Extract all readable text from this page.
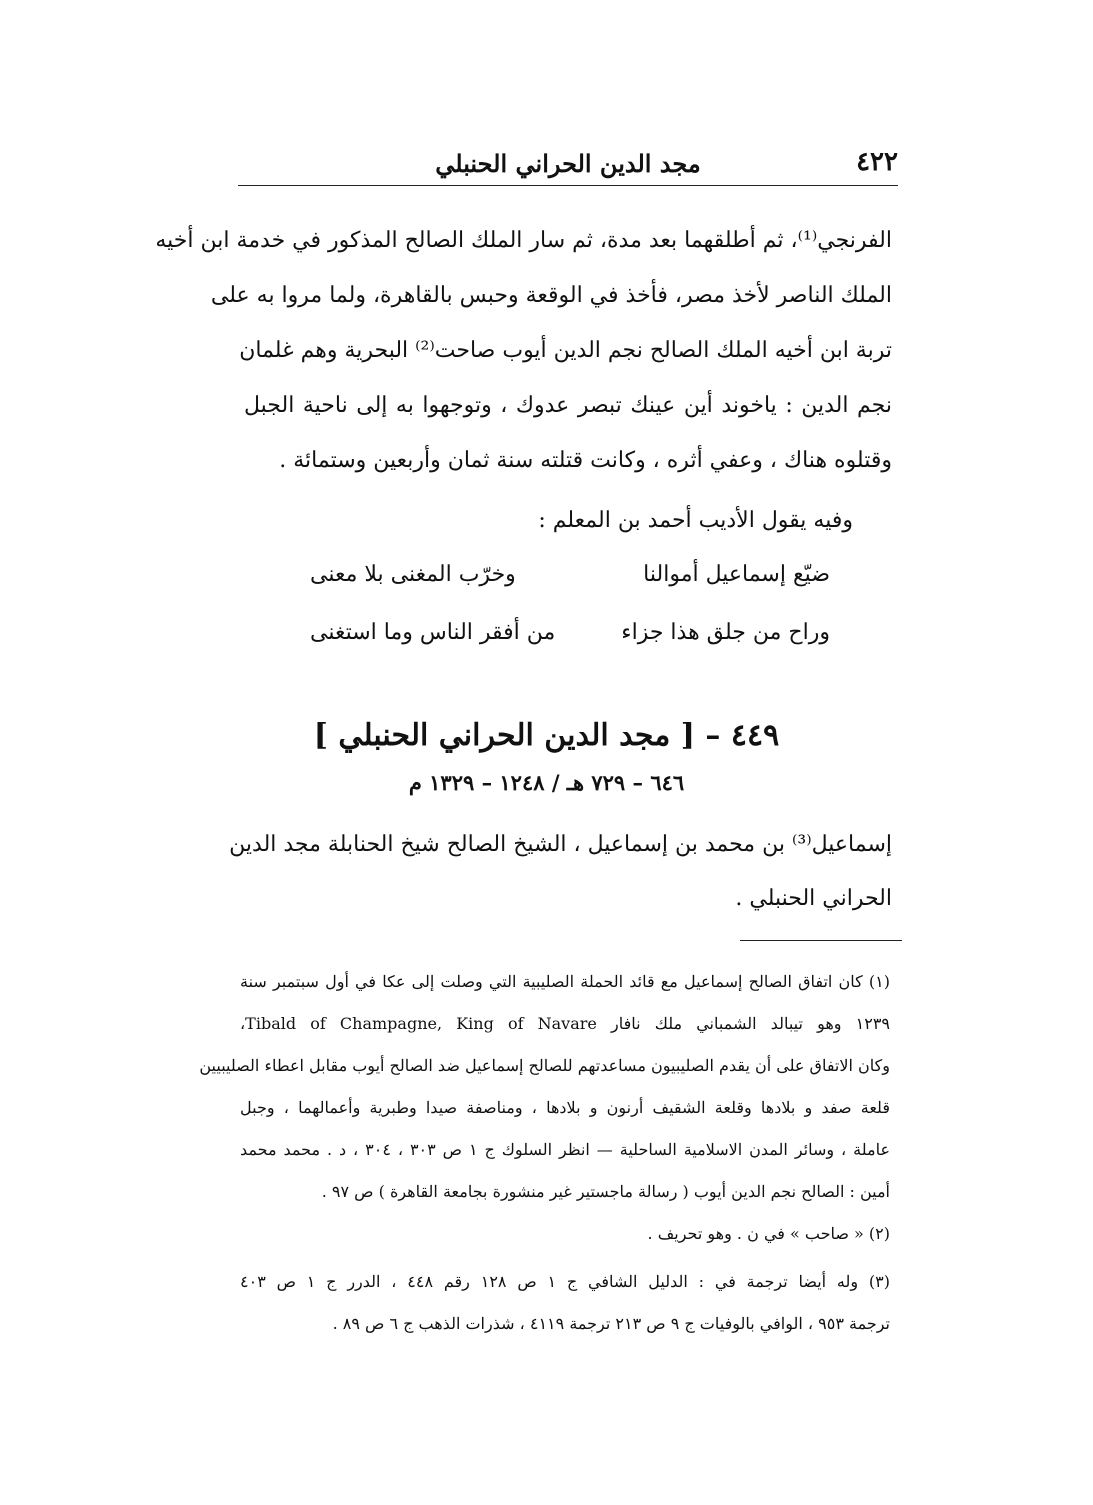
٤٢٢
مجد الدين الحراني الحنبلي
الفرنجي⁽¹⁾، ثم أطلقهما بعد مدة، ثم سار الملك الصالح المذكور في خدمة ابن أخيه
الملك الناصر لأخذ مصر، فأخذ في الوقعة وحبس بالقاهرة، ولما مروا به على
تربة ابن أخيه الملك الصالح نجم الدين أيوب صاحت⁽²⁾ البحرية وهم غلمان
نجم الدين : ياخوند أين عينك تبصر عدوك ، وتوجهوا به إلى ناحية الجبل
وقتلوه هناك ، وعفي أثره ، وكانت قتلته سنة ثمان وأربعين وستمائة .
وفيه يقول الأديب أحمد بن المعلم :
ضيّع إسماعيل أموالنا
وخرّب المغنى بلا معنى
وراح من جلق هذا جزاء
من أفقر الناس وما استغنى
٤٤٩ – [ مجد الدين الحراني الحنبلي ]
٦٤٦ – ٧٢٩ هـ / ١٢٤٨ – ١٣٢٩ م
إسماعيل⁽³⁾ بن محمد بن إسماعيل ، الشيخ الصالح شيخ الحنابلة مجد الدين
الحراني الحنبلي .
(١) كان اتفاق الصالح إسماعيل مع قائد الحملة الصليبية التي وصلت إلى عكا في أول سبتمبر سنة
١٢٣٩ وهو تيبالد الشمباني ملك نافار Tibald of Champagne, King of Navare،
وكان الاتفاق على أن يقدم الصليبيون مساعدتهم للصالح إسماعيل ضد الصالح أيوب مقابل اعطاء الصليبيين
قلعة صفد و بلادها وقلعة الشقيف أرنون و بلادها ، ومناصفة صيدا وطبرية وأعمالهما ، وجبل
عاملة ، وسائر المدن الاسلامية الساحلية — انظر السلوك ج ١ ص ٣٠٣ ، ٣٠٤ ، د . محمد محمد
أمين : الصالح نجم الدين أيوب ( رسالة ماجستير غير منشورة بجامعة القاهرة ) ص ٩٧ .
(٢) « صاحب » في ن . وهو تحريف .
(٣) وله أيضا ترجمة في : الدليل الشافي ج ١ ص ١٢٨ رقم ٤٤٨ ، الدرر ج ١ ص ٤٠٣
ترجمة ٩٥٣ ، الوافي بالوفيات ج ٩ ص ٢١٣ ترجمة ٤١١٩ ، شذرات الذهب ج ٦ ص ٨٩ .
